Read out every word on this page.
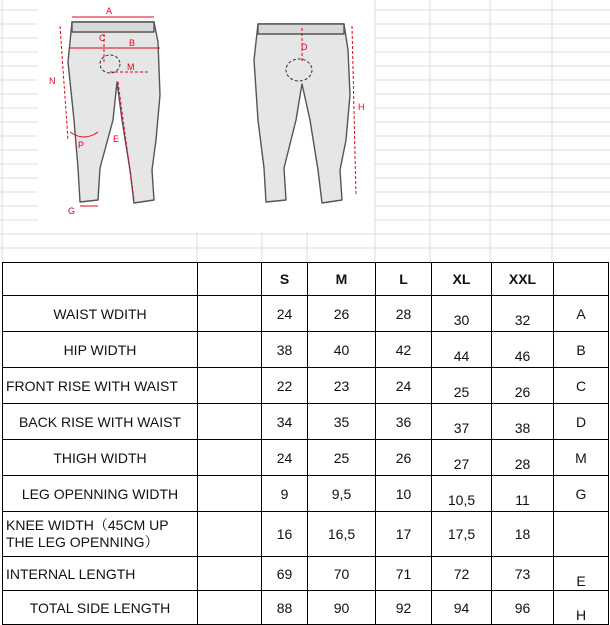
A
B
C
M
N
E
P
G
D
H
		S	M	L	XL	XXL	
WAIST WDITH		24	26	28	30	32	A
HIP WIDTH		38	40	42	44	46	B
FRONT RISE WITH WAIST		22	23	24	25	26	C
BACK RISE WITH WAIST		34	35	36	37	38	D
THIGH WIDTH		24	25	26	27	28	M
LEG OPENNING WIDTH		9	9,5	10	10,5	11	G
KNEE WIDTH（45CM UP THE LEG OPENNING）		16	16,5	17	17,5	18	
INTERNAL LENGTH		69	70	71	72	73	E
TOTAL SIDE LENGTH		88	90	92	94	96	H
